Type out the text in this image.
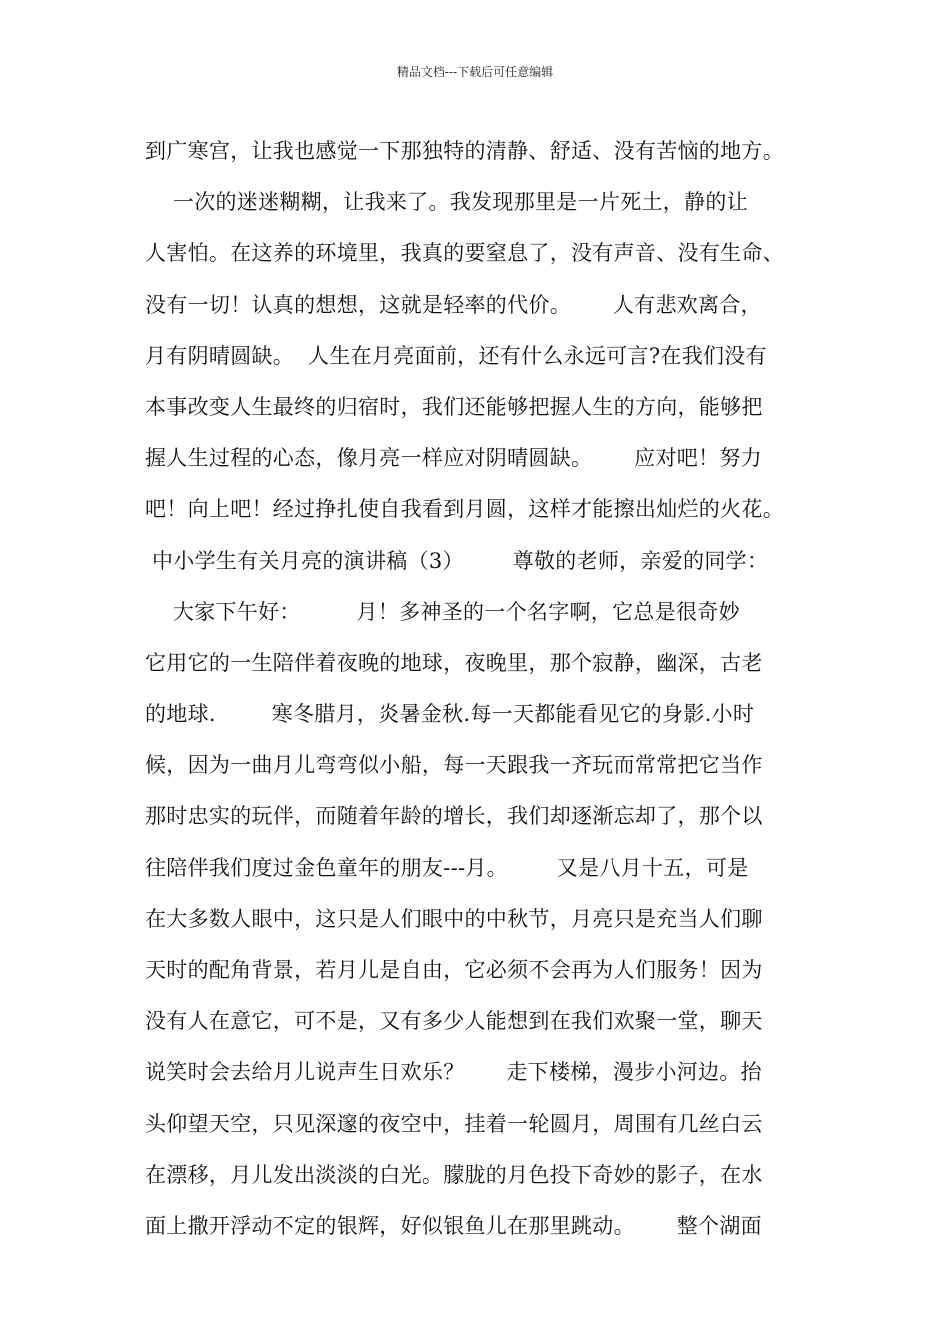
精品文档---下载后可任意编辑
到广寒宫，让我也感觉一下那独特的清静、舒适、没有苦恼的地方。
一次的迷迷糊糊，让我来了。我发现那里是一片死土，静的让
人害怕。在这养的环境里，我真的要窒息了，没有声音、没有生命、
没有一切！认真的想想，这就是轻率的代价。      人有悲欢离合，
月有阴晴圆缺。  人生在月亮面前，还有什么永远可言?在我们没有
本事改变人生最终的归宿时，我们还能够把握人生的方向，能够把
握人生过程的心态，像月亮一样应对阴晴圆缺。      应对吧！努力
吧！向上吧！经过挣扎使自我看到月圆，这样才能擦出灿烂的火花。
中小学生有关月亮的演讲稿（3）       尊敬的老师，亲爱的同学：
大家下午好：        月！多神圣的一个名字啊，它总是很奇妙
它用它的一生陪伴着夜晚的地球，夜晚里，那个寂静，幽深，古老
的地球.        寒冬腊月，炎暑金秋.每一天都能看见它的身影.小时
候，因为一曲月儿弯弯似小船，每一天跟我一齐玩而常常把它当作
那时忠实的玩伴，而随着年龄的增长，我们却逐渐忘却了，那个以
往陪伴我们度过金色童年的朋友---月。       又是八月十五，可是
在大多数人眼中，这只是人们眼中的中秋节，月亮只是充当人们聊
天时的配角背景，若月儿是自由，它必须不会再为人们服务！因为
没有人在意它，可不是，又有多少人能想到在我们欢聚一堂，聊天
说笑时会去给月儿说声生日欢乐？      走下楼梯，漫步小河边。抬
头仰望天空，只见深邃的夜空中，挂着一轮圆月，周围有几丝白云
在漂移，月儿发出淡淡的白光。朦胧的月色投下奇妙的影子，在水
面上撒开浮动不定的银辉，好似银鱼儿在那里跳动。      整个湖面
